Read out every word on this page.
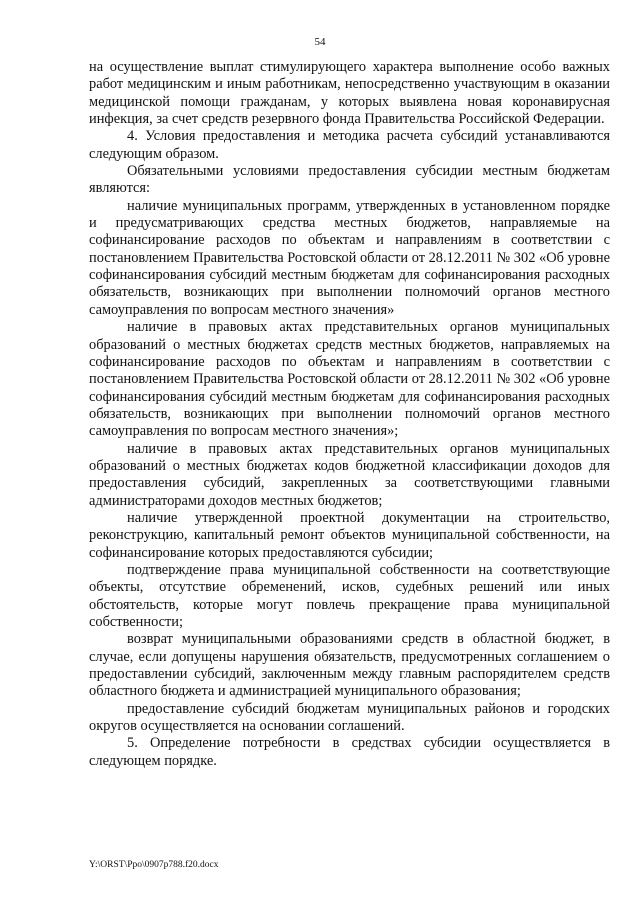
54

на осуществление выплат стимулирующего характера выполнение особо важных работ медицинским и иным работникам, непосредственно участвующим в оказании медицинской помощи гражданам, у которых выявлена новая коронавирусная инфекция, за счет средств резервного фонда Правительства Российской Федерации.

4. Условия предоставления и методика расчета субсидий устанавливаются следующим образом.

Обязательными условиями предоставления субсидии местным бюджетам являются:

наличие муниципальных программ, утвержденных в установленном порядке и предусматривающих средства местных бюджетов, направляемые на софинансирование расходов по объектам и направлениям в соответствии с постановлением Правительства Ростовской области от 28.12.2011 № 302 «Об уровне софинансирования субсидий местным бюджетам для софинансирования расходных обязательств, возникающих при выполнении полномочий органов местного самоуправления по вопросам местного значения»

наличие в правовых актах представительных органов муниципальных образований о местных бюджетах средств местных бюджетов, направляемых на софинансирование расходов по объектам и направлениям в соответствии с постановлением Правительства Ростовской области от 28.12.2011 № 302 «Об уровне софинансирования субсидий местным бюджетам для софинансирования расходных обязательств, возникающих при выполнении полномочий органов местного самоуправления по вопросам местного значения»;

наличие в правовых актах представительных органов муниципальных образований о местных бюджетах кодов бюджетной классификации доходов для предоставления субсидий, закрепленных за соответствующими главными администраторами доходов местных бюджетов;

наличие утвержденной проектной документации на строительство, реконструкцию, капитальный ремонт объектов муниципальной собственности, на софинансирование которых предоставляются субсидии;

подтверждение права муниципальной собственности на соответствующие объекты, отсутствие обременений, исков, судебных решений или иных обстоятельств, которые могут повлечь прекращение права муниципальной собственности;

возврат муниципальными образованиями средств в областной бюджет, в случае, если допущены нарушения обязательств, предусмотренных соглашением о предоставлении субсидий, заключенным между главным распорядителем средств областного бюджета и администрацией муниципального образования;

предоставление субсидий бюджетам муниципальных районов и городских округов осуществляется на основании соглашений.

5. Определение потребности в средствах субсидии осуществляется в следующем порядке.

Y:\ORST\Ppo\0907p788.f20.docx
